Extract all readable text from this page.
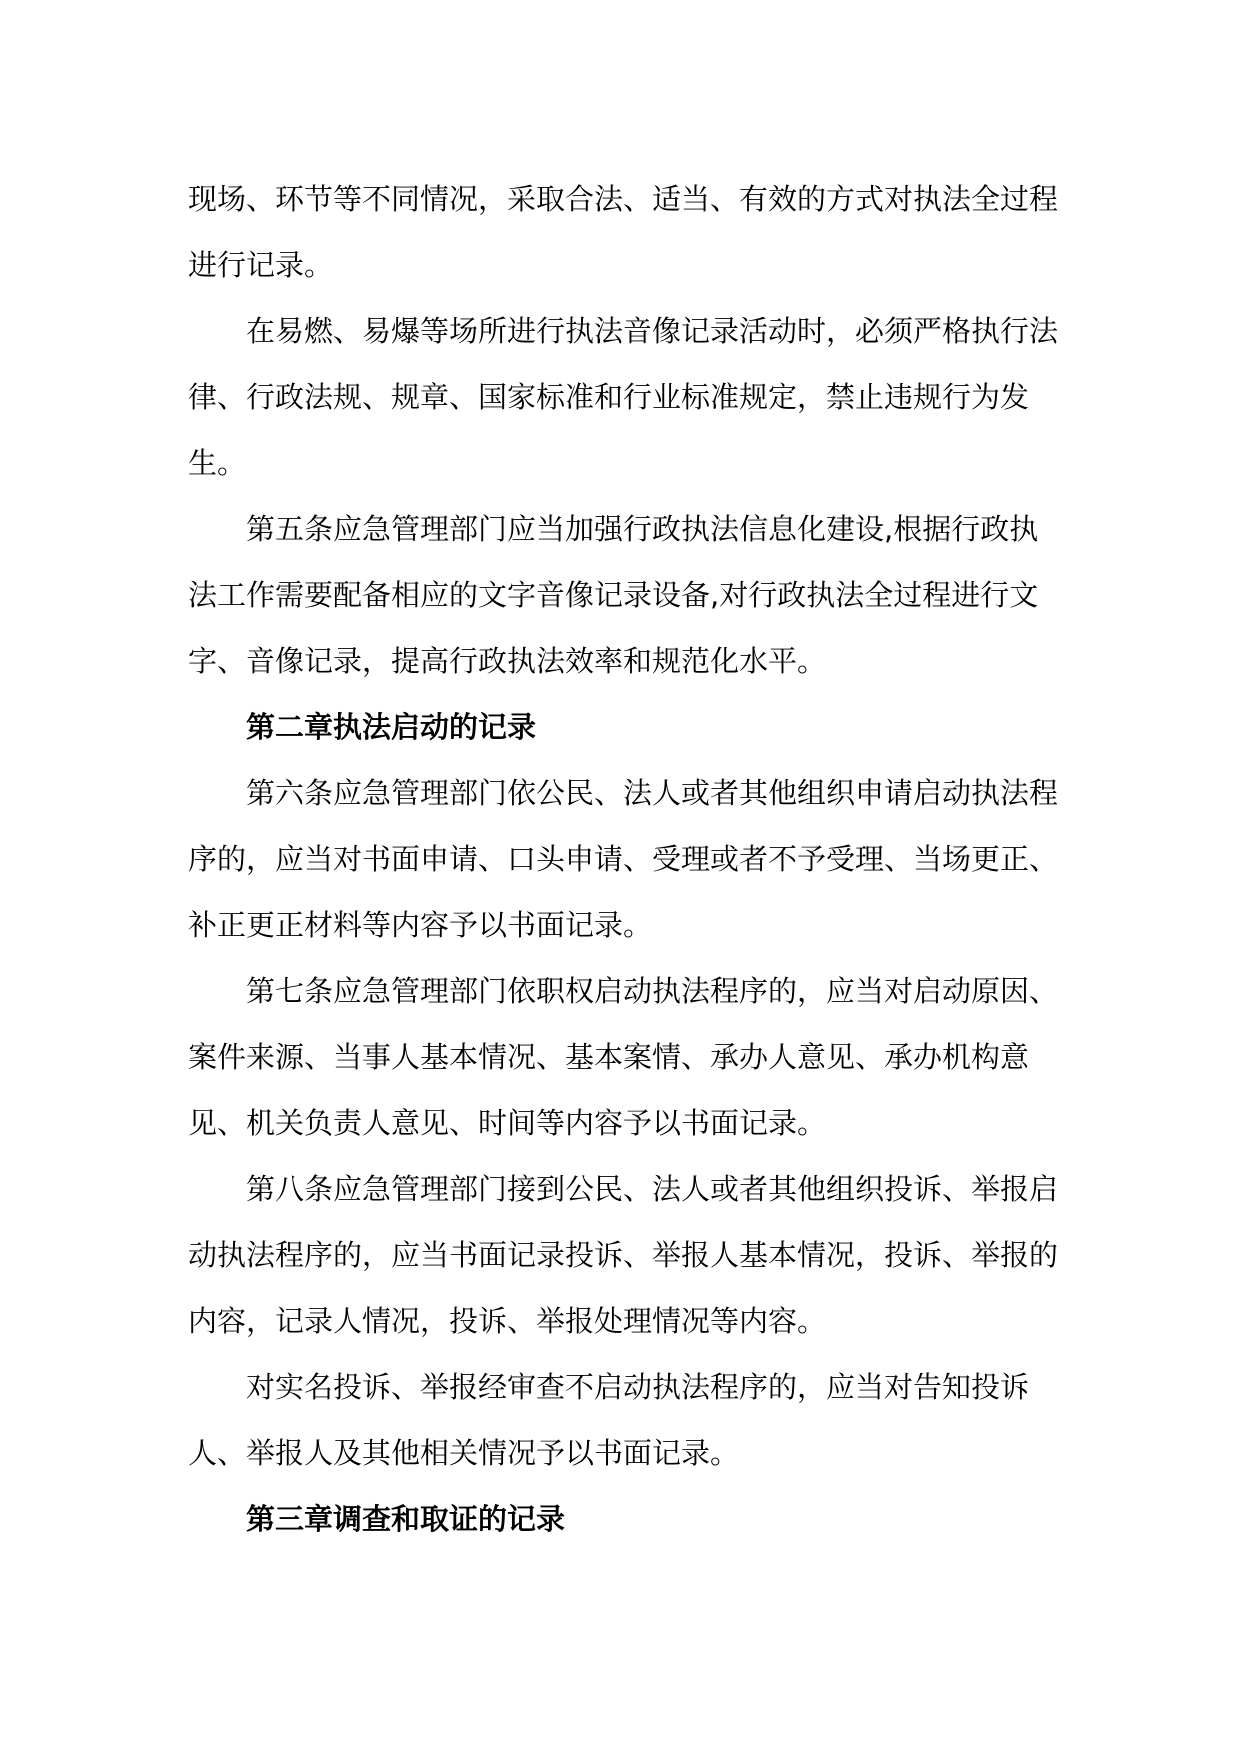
现场、环节等不同情况，采取合法、适当、有效的方式对执法全过程进行记录。

在易燃、易爆等场所进行执法音像记录活动时，必须严格执行法律、行政法规、规章、国家标准和行业标准规定，禁止违规行为发生。

第五条应急管理部门应当加强行政执法信息化建设,根据行政执法工作需要配备相应的文字音像记录设备,对行政执法全过程进行文字、音像记录，提高行政执法效率和规范化水平。

第二章执法启动的记录

第六条应急管理部门依公民、法人或者其他组织申请启动执法程序的，应当对书面申请、口头申请、受理或者不予受理、当场更正、补正更正材料等内容予以书面记录。

第七条应急管理部门依职权启动执法程序的，应当对启动原因、案件来源、当事人基本情况、基本案情、承办人意见、承办机构意见、机关负责人意见、时间等内容予以书面记录。

第八条应急管理部门接到公民、法人或者其他组织投诉、举报启动执法程序的，应当书面记录投诉、举报人基本情况，投诉、举报的内容，记录人情况，投诉、举报处理情况等内容。

对实名投诉、举报经审查不启动执法程序的，应当对告知投诉人、举报人及其他相关情况予以书面记录。

第三章调查和取证的记录
